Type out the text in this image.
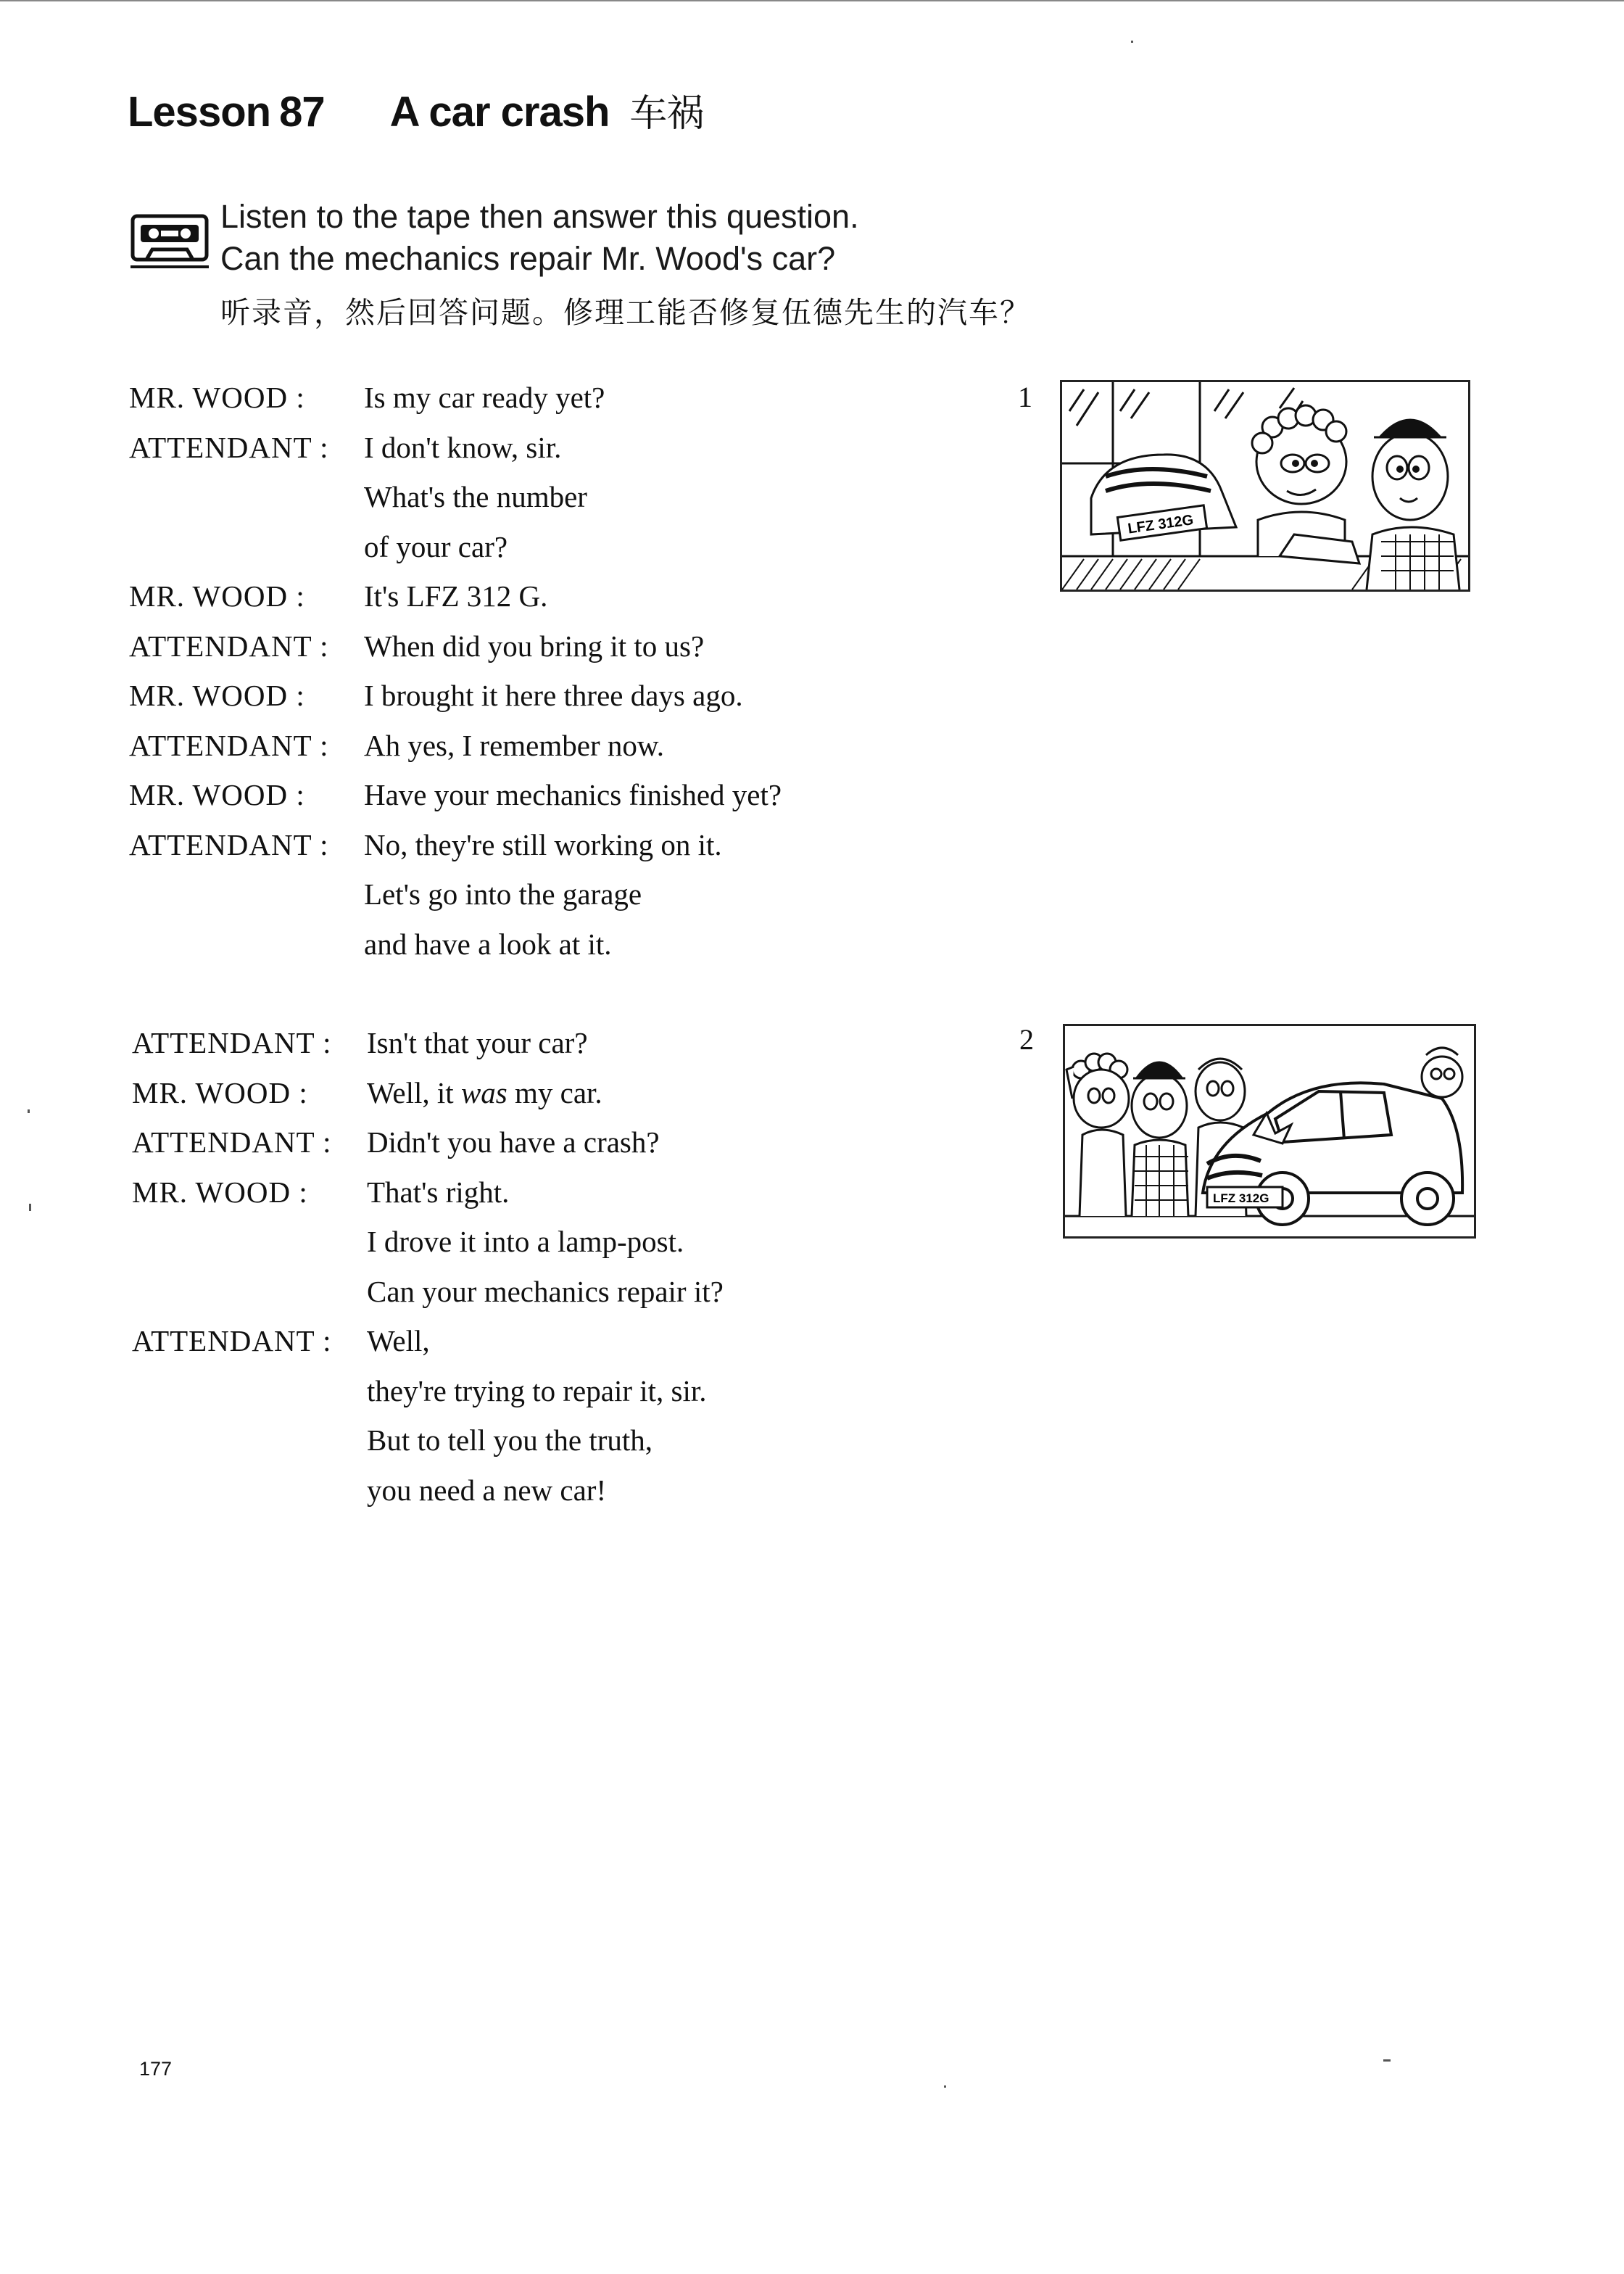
Lesson 87 A car crash 车祸
Listen to the tape then answer this question.
Can the mechanics repair Mr. Wood's car?
听录音，然后回答问题。修理工能否修复伍德先生的汽车？
MR. WOOD : Is my car ready yet?
ATTENDANT : I don't know, sir.
What's the number
of your car?
MR. WOOD : It's LFZ 312 G.
ATTENDANT : When did you bring it to us?
MR. WOOD : I brought it here three days ago.
ATTENDANT : Ah yes, I remember now.
MR. WOOD : Have your mechanics finished yet?
ATTENDANT : No, they're still working on it.
Let's go into the garage
and have a look at it.
ATTENDANT : Isn't that your car?
MR. WOOD : Well, it was my car.
ATTENDANT : Didn't you have a crash?
MR. WOOD : That's right.
I drove it into a lamp-post.
Can your mechanics repair it?
ATTENDANT : Well,
they're trying to repair it, sir.
But to tell you the truth,
you need a new car!
1
LFZ 312G
2
LFZ 312G
177
